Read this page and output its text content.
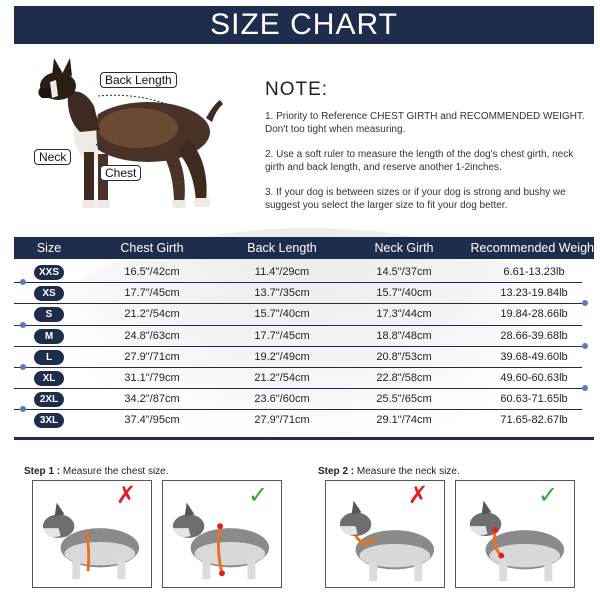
SIZE CHART
Back Length
Neck
Chest
NOTE:

1. Priority to Reference CHEST GIRTH and RECOMMENDED WEIGHT. Don't too tight when measuring.

2. Use a soft ruler to measure the length of the dog's chest girth, neck girth and back length, and reserve another 1-2inches.

3. If your dog is between sizes or if your dog is strong and bushy we suggest you select the larger size to fit your dog better.

Size	Chest Girth	Back Length	Neck Girth	Recommended Weight
XXS	16.5"/42cm	11.4"/29cm	14.5"/37cm	6.61-13.23lb
XS	17.7"/45cm	13.7"/35cm	15.7"/40cm	13.23-19.84lb
S	21.2"/54cm	15.7"/40cm	17.3"/44cm	19.84-28.66lb
M	24.8"/63cm	17.7"/45cm	18.8"/48cm	28.66-39.68lb
L	27.9"/71cm	19.2"/49cm	20.8"/53cm	39.68-49.60lb
XL	31.1"/79cm	21.2"/54cm	22.8"/58cm	49.60-60.63lb
2XL	34.2"/87cm	23.6"/60cm	25.5"/65cm	60.63-71.65lb
3XL	37.4"/95cm	27.9"/71cm	29.1"/74cm	71.65-82.67lb
Step 1 : Measure the chest size.	Step 2 : Measure the neck size.
✗	✓	✗	✓
